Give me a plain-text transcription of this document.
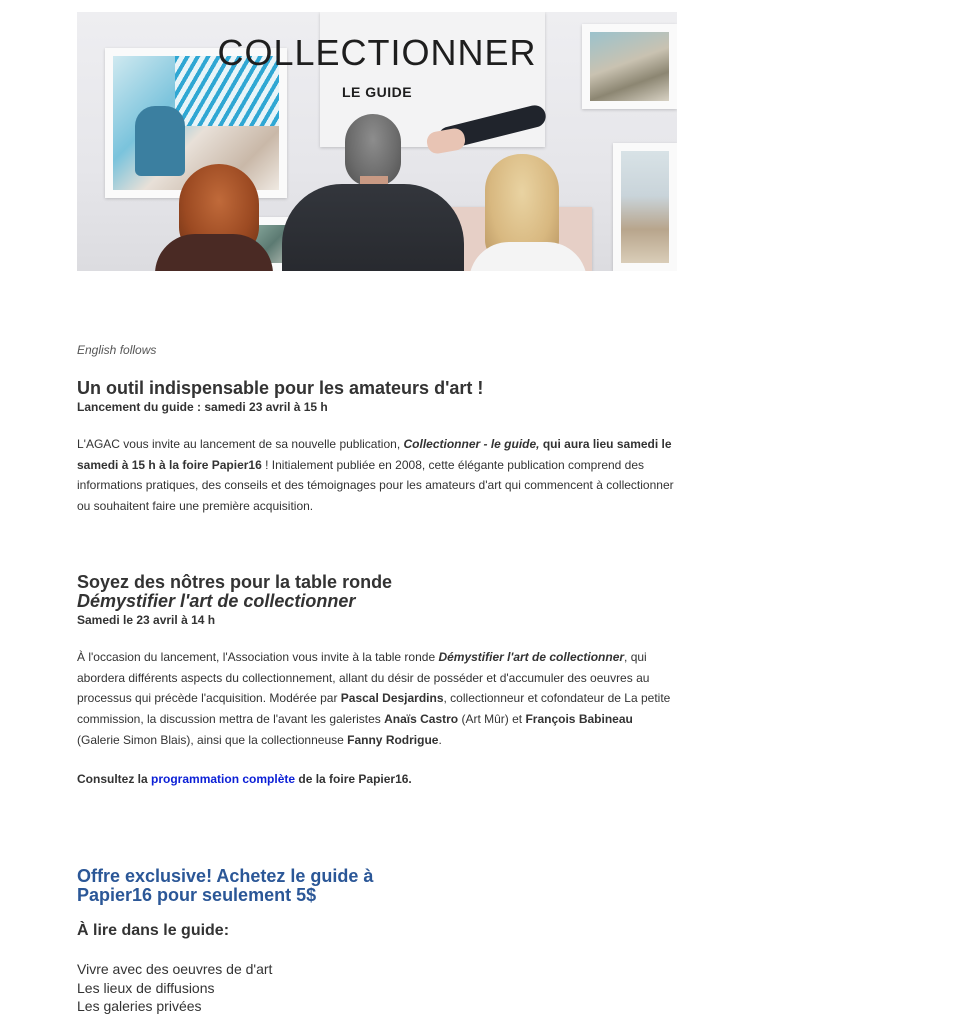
COLLECTIONNER
LE GUIDE
English follows
Un outil indispensable pour les amateurs d'art !
Lancement du guide : samedi 23 avril à 15 h
L'AGAC vous invite au lancement de sa nouvelle publication, Collectionner - le guide, qui aura lieu samedi le samedi à 15 h à la foire Papier16 ! Initialement publiée en 2008, cette élégante publication comprend des informations pratiques, des conseils et des témoignages pour les amateurs d'art qui commencent à collectionner ou souhaitent faire une première acquisition.
Soyez des nôtres pour la table ronde
Démystifier l'art de collectionner
Samedi le 23 avril à 14 h
À l'occasion du lancement, l'Association vous invite à la table ronde Démystifier l'art de collectionner, qui abordera différents aspects du collectionnement, allant du désir de posséder et d'accumuler des oeuvres au processus qui précède l'acquisition. Modérée par Pascal Desjardins, collectionneur et cofondateur de La petite commission, la discussion mettra de l'avant les galeristes Anaïs Castro (Art Mûr) et François Babineau (Galerie Simon Blais), ainsi que la collectionneuse Fanny Rodrigue.
Consultez la programmation complète de la foire Papier16.
Offre exclusive! Achetez le guide à Papier16 pour seulement 5$
À lire dans le guide:
Vivre avec des oeuvres de d'art
Les lieux de diffusions
Les galeries privées
